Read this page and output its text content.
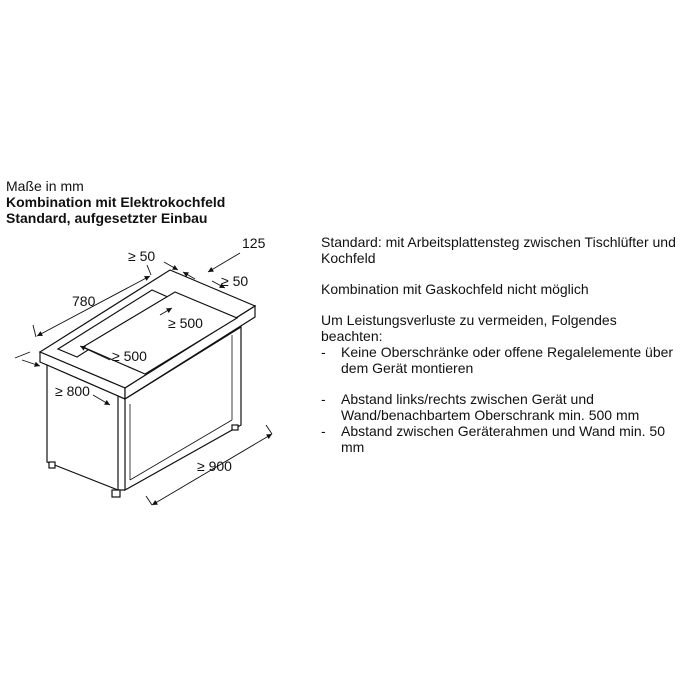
Maße in mm
Kombination mit Elektrokochfeld
Standard, aufgesetzter Einbau
125
≥ 50
≥ 50
780
≥ 500
≥ 500
≥ 800
≥ 900
Standard: mit Arbeitsplattensteg zwischen Tischlüfter und Kochfeld
Kombination mit Gaskochfeld nicht möglich
Um Leistungsverluste zu vermeiden, Folgendes beachten:
- Keine Oberschränke oder offene Regalelemente über dem Gerät montieren
- Abstand links/rechts zwischen Gerät und Wand/benachbartem Oberschrank min. 500 mm
- Abstand zwischen Geräterahmen und Wand min. 50 mm
